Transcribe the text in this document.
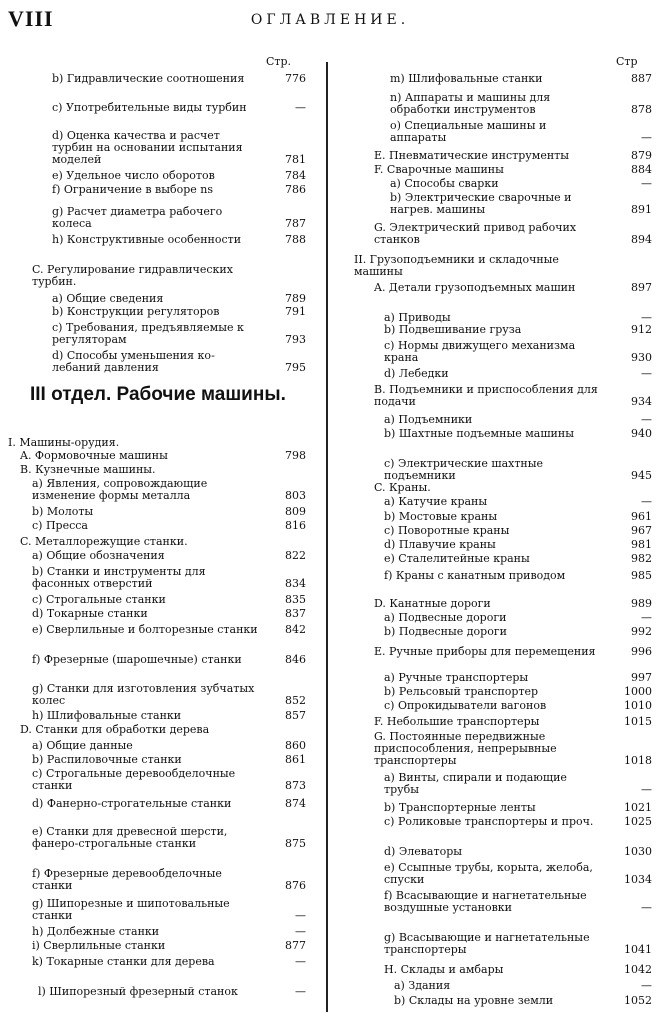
VIII	ОГЛАВЛЕНИЕ.
Стр.
b) Гидравлические соотношения	776
c) Употребительные виды турбин	—
d) Оценка качества и расчет турбин на основании испытания моделей	781
e) Удельное число оборотов	784
f) Ограничение в выборе ns	786
g) Расчет диаметра рабочего колеса	787
h) Конструктивные особенности	788
C. Регулирование гидравлических турбин.
a) Общие сведения	789
b) Конструкции регуляторов	791
c) Требования, предъявляемые к регуляторам	793
d) Способы уменьшения колебаний давления	795
III отдел. Рабочие машины.
I. Машины-орудия.
A. Формовочные машины	798
B. Кузнечные машины.
a) Явления, сопровождающие изменение формы металла	803
b) Молоты	809
c) Пресса	816
C. Металлорежущие станки.
a) Общие обозначения	822
b) Станки и инструменты для фасонных отверстий	834
c) Строгальные станки	835
d) Токарные станки	837
e) Сверлильные и болторезные станки	842
f) Фрезерные (шарошечные) станки	846
g) Станки для изготовления зубчатых колес	852
h) Шлифовальные станки	857
D. Станки для обработки дерева
a) Общие данные	860
b) Распиловочные станки	861
c) Строгальные деревообделочные станки	873
d) Фанерно-строгательные станки	874
e) Станки для древесной шерсти, фанеро-строгальные станки	875
f) Фрезерные деревообделочные станки	876
g) Шипорезные и шипотовальные станки	—
h) Долбежные станки	—
i) Сверлильные станки	877
k) Токарные станки для дерева	—
l) Шипорезный фрезерный станок	—
Стр
m) Шлифовальные станки	887
n) Аппараты и машины для обработки инструментов	878
o) Специальные машины и аппараты	—
E. Пневматические инструменты	879
F. Сварочные машины	884
a) Способы сварки	—
b) Электрические сварочные и нагрев. машины	891
G. Электрический привод рабочих станков	894
II. Грузоподъемники и складочные машины
A. Детали грузоподъемных машин	897
a) Приводы	—
b) Подвешивание груза	912
c) Нормы движущего механизма крана	930
d) Лебедки	—
B. Подъемники и приспособления для подачи	934
a) Подъемники	—
b) Шахтные подъемные машины	940
c) Электрические шахтные подъемники	945
C. Краны.
a) Катучие краны	—
b) Мостовые краны	961
c) Поворотные краны	967
d) Плавучие краны	981
e) Сталелитейные краны	982
f) Краны с канатным приводом	985
D. Канатные дороги	989
a) Подвесные дороги	—
b) Подвесные дороги	992
E. Ручные приборы для перемещения	996
a) Ручные транспортеры	997
b) Рельсовый транспортер	1000
c) Опрокидыватели вагонов	1010
F. Небольшие транспортеры	1015
G. Постоянные передвижные приспособления, непрерывные транспортеры	1018
a) Винты, спирали и подающие трубы	—
b) Транспортерные ленты	1021
c) Роликовые транспортеры и проч.	1025
d) Элеваторы	1030
e) Ссыпные трубы, корыта, желоба, спуски	1034
f) Всасывающие и нагнетательные воздушные установки	—
g) Всасывающие и нагнетательные транспортеры	1041
H. Склады и амбары	1042
a) Здания	—
b) Склады на уровне земли	1052
